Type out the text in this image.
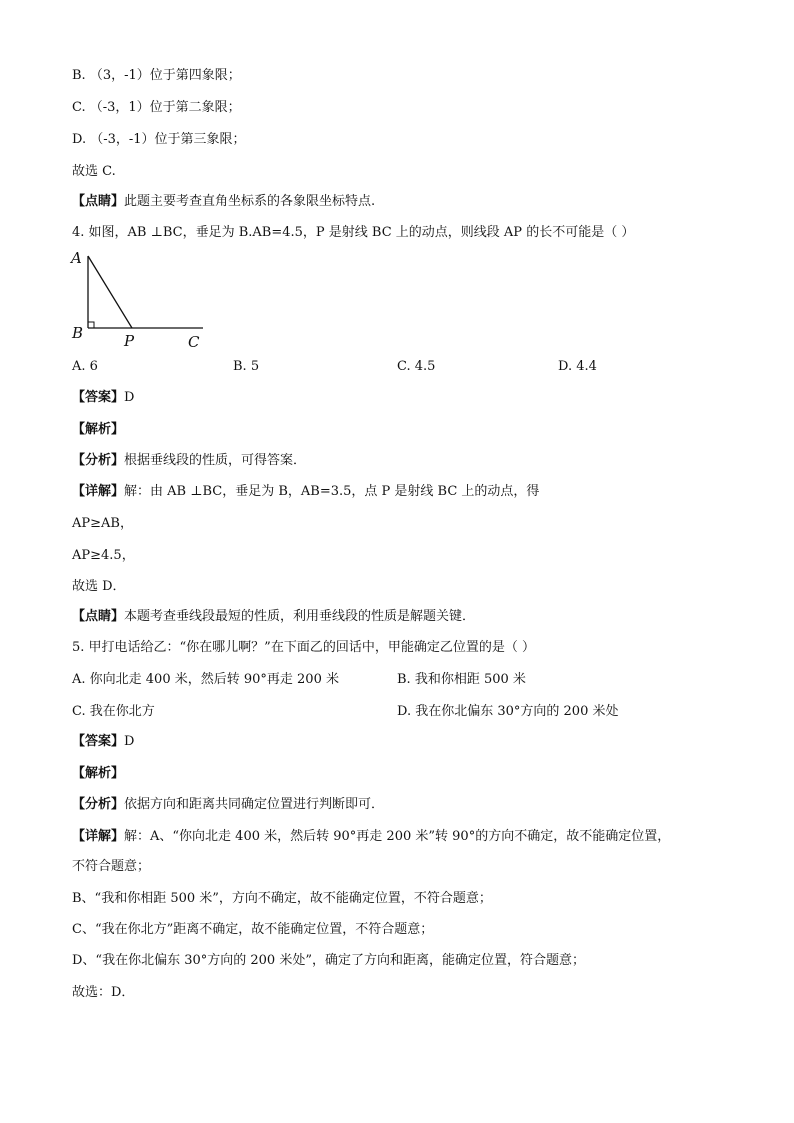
B. （3，-1）位于第四象限；
C. （-3，1）位于第二象限；
D. （-3，-1）位于第三象限；
故选 C.
【点睛】此题主要考查直角坐标系的各象限坐标特点.
4. 如图，AB ⊥BC，垂足为 B.AB=4.5，P 是射线 BC 上的动点，则线段 AP 的长不可能是（ ）
A
B	P	C
A. 6	B. 5	C. 4.5	D. 4.4
【答案】D
【解析】
【分析】根据垂线段的性质，可得答案．
【详解】解：由 AB ⊥BC，垂足为 B，AB=3.5，点 P 是射线 BC 上的动点，得
AP≥AB，
AP≥4.5，
故选 D．
【点睛】本题考查垂线段最短的性质，利用垂线段的性质是解题关键．
5. 甲打电话给乙：“你在哪儿啊？”在下面乙的回话中，甲能确定乙位置的是（ ）
A. 你向北走 400 米，然后转 90°再走 200 米	B. 我和你相距 500 米
C. 我在你北方	D. 我在你北偏东 30°方向的 200 米处
【答案】D
【解析】
【分析】依据方向和距离共同确定位置进行判断即可．
【详解】解：A、“你向北走 400 米，然后转 90°再走 200 米”转 90°的方向不确定，故不能确定位置，
不符合题意；
B、“我和你相距 500 米”，方向不确定，故不能确定位置，不符合题意；
C、“我在你北方”距离不确定，故不能确定位置，不符合题意；
D、“我在你北偏东 30°方向的 200 米处”，确定了方向和距离，能确定位置，符合题意；
故选：D．
